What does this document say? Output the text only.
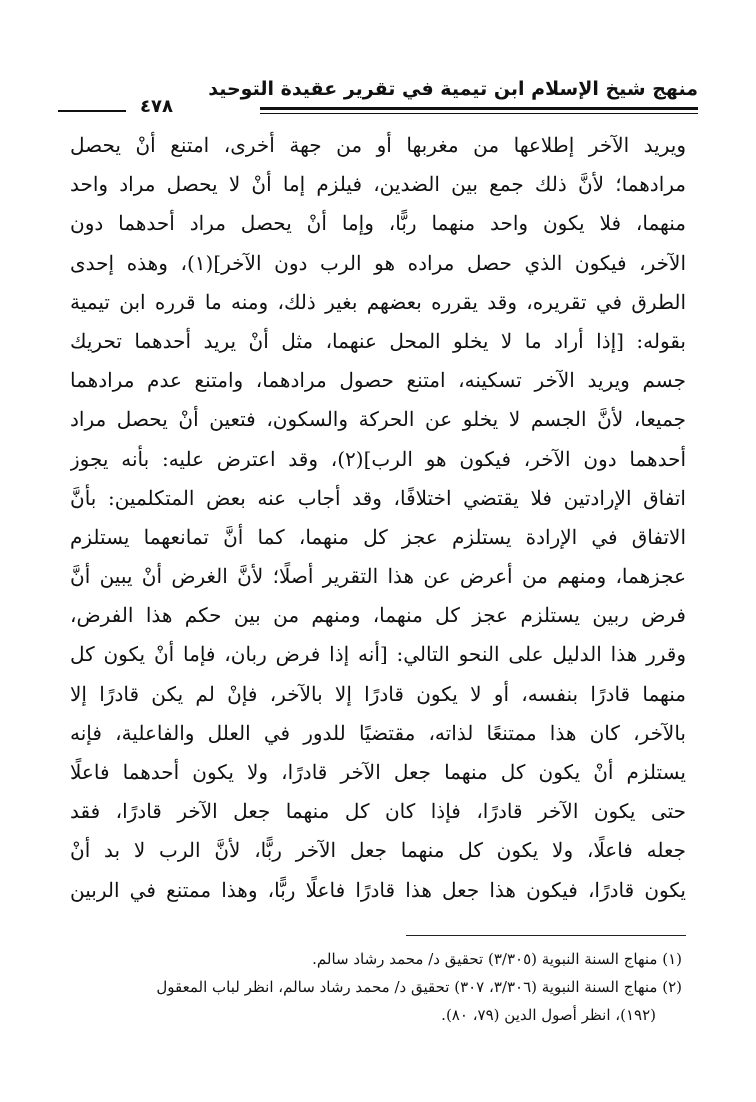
منهج شيخ الإسلام ابن تيمية في تقرير عقيدة التوحيد
٤٧٨
ويريد الآخر إطلاعها من مغربها أو من جهة أخرى، امتنع أنْ يحصل
مرادهما؛ لأنَّ ذلك جمع بين الضدين، فيلزم إما أنْ لا يحصل مراد واحد
منهما، فلا يكون واحد منهما ربًّا، وإما أنْ يحصل مراد أحدهما دون
الآخر، فيكون الذي حصل مراده هو الرب دون الآخر](١)، وهذه إحدى
الطرق في تقريره، وقد يقرره بعضهم بغير ذلك، ومنه ما قرره ابن تيمية
بقوله: [إذا أراد ما لا يخلو المحل عنهما، مثل أنْ يريد أحدهما تحريك
جسم ويريد الآخر تسكينه، امتنع حصول مرادهما، وامتنع عدم مرادهما
جميعا، لأنَّ الجسم لا يخلو عن الحركة والسكون، فتعين أنْ يحصل مراد
أحدهما دون الآخر، فيكون هو الرب](٢)، وقد اعترض عليه: بأنه يجوز
اتفاق الإرادتين فلا يقتضي اختلافًا، وقد أجاب عنه بعض المتكلمين: بأنَّ
الاتفاق في الإرادة يستلزم عجز كل منهما، كما أنَّ تمانعهما يستلزم
عجزهما، ومنهم من أعرض عن هذا التقرير أصلًا؛ لأنَّ الغرض أنْ يبين أنَّ
فرض ربين يستلزم عجز كل منهما، ومنهم من بين حكم هذا الفرض،
وقرر هذا الدليل على النحو التالي: [أنه إذا فرض ربان، فإما أنْ يكون كل
منهما قادرًا بنفسه، أو لا يكون قادرًا إلا بالآخر، فإنْ لم يكن قادرًا إلا
بالآخر، كان هذا ممتنعًا لذاته، مقتضيًا للدور في العلل والفاعلية، فإنه
يستلزم أنْ يكون كل منهما جعل الآخر قادرًا، ولا يكون أحدهما فاعلًا
حتى يكون الآخر قادرًا، فإذا كان كل منهما جعل الآخر قادرًا، فقد
جعله فاعلًا، ولا يكون كل منهما جعل الآخر ربًّا، لأنَّ الرب لا بد أنْ
يكون قادرًا، فيكون هذا جعل هذا قادرًا فاعلًا ربًّا، وهذا ممتنع في الربين
(١) منهاج السنة النبوية (٣/٣٠٥) تحقيق د/ محمد رشاد سالم.
(٢) منهاج السنة النبوية (٣/٣٠٦، ٣٠٧) تحقيق د/ محمد رشاد سالم، انظر لباب المعقول
(١٩٢)، انظر أصول الدين (٧٩، ٨٠).
